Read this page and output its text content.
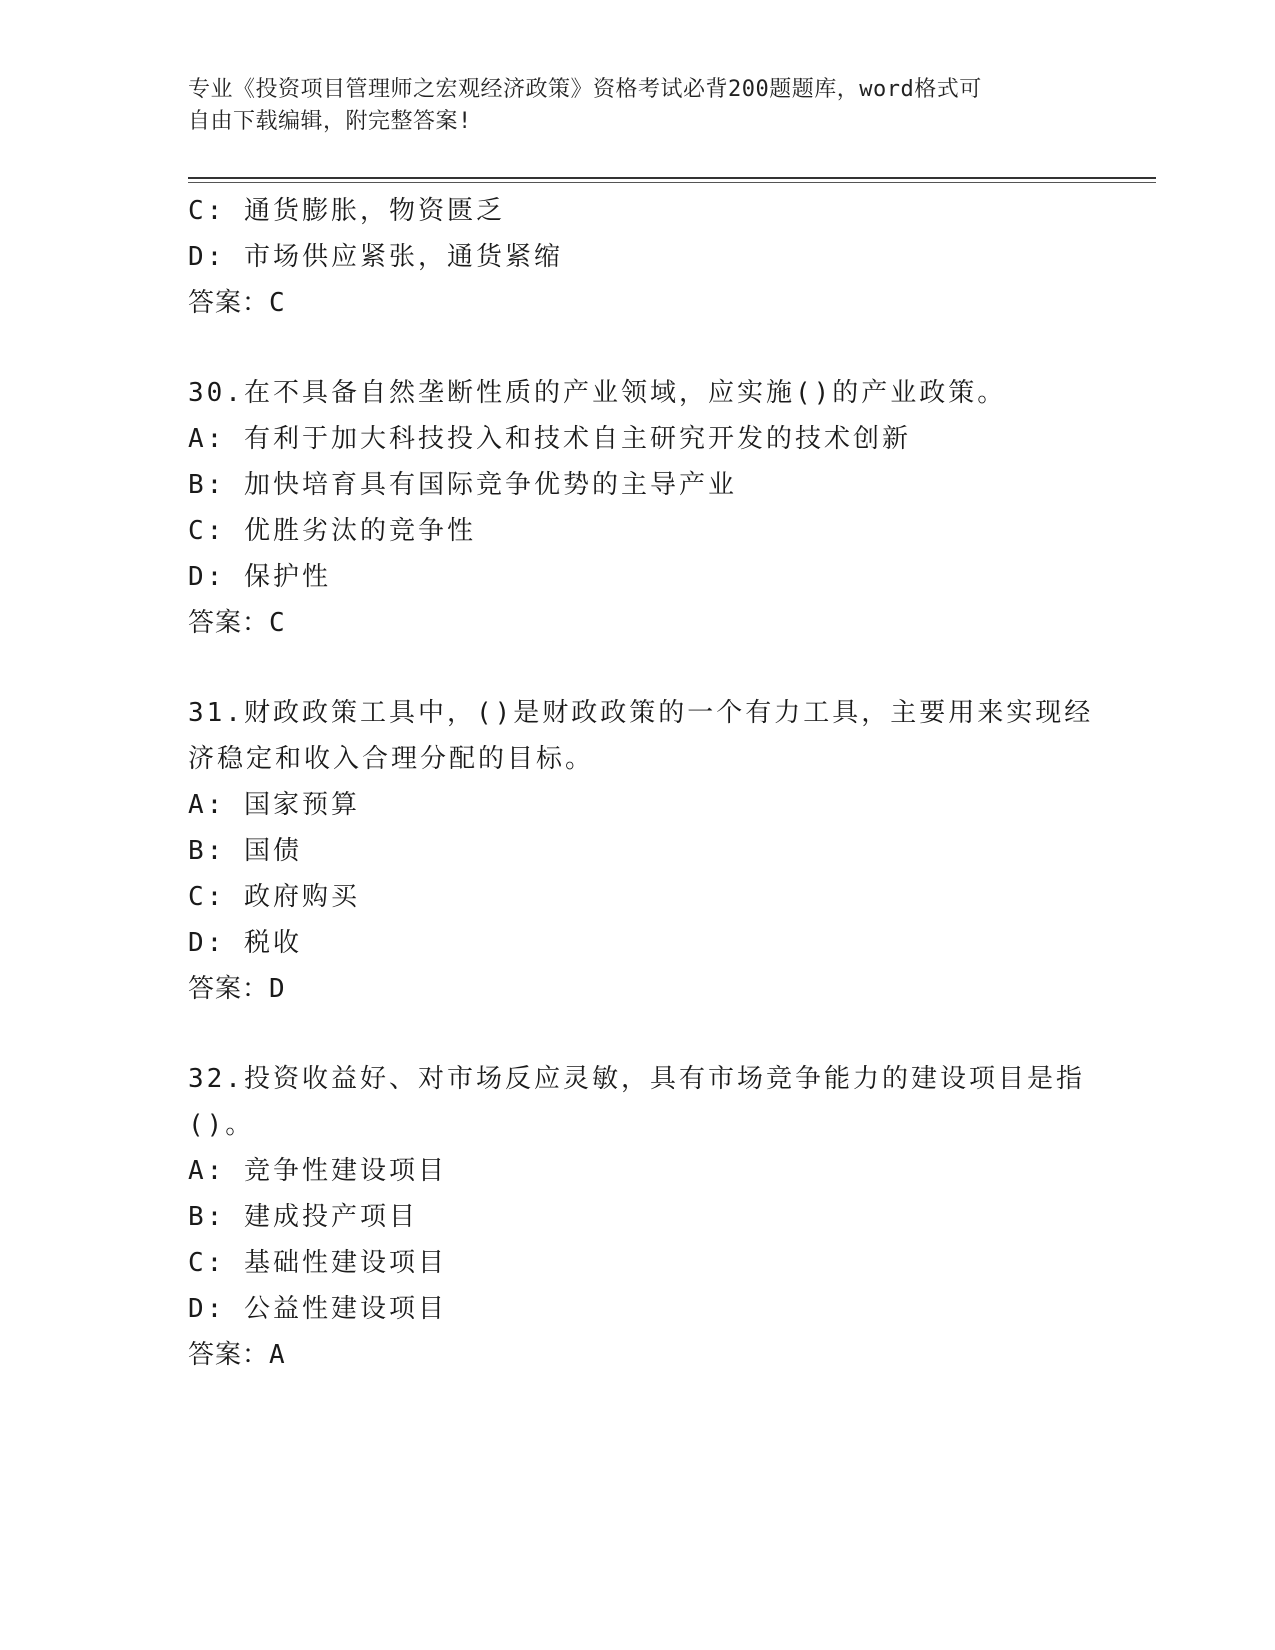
专业《投资项目管理师之宏观经济政策》资格考试必背200题题库，word格式可
自由下载编辑，附完整答案!
C: 通货膨胀，物资匮乏
D: 市场供应紧张，通货紧缩
答案：C
30.在不具备自然垄断性质的产业领域，应实施()的产业政策。
A: 有利于加大科技投入和技术自主研究开发的技术创新
B: 加快培育具有国际竞争优势的主导产业
C: 优胜劣汰的竞争性
D: 保护性
答案：C
31.财政政策工具中，()是财政政策的一个有力工具，主要用来实现经
济稳定和收入合理分配的目标。
A: 国家预算
B: 国债
C: 政府购买
D: 税收
答案：D
32.投资收益好、对市场反应灵敏，具有市场竞争能力的建设项目是指
()。
A: 竞争性建设项目
B: 建成投产项目
C: 基础性建设项目
D: 公益性建设项目
答案：A
